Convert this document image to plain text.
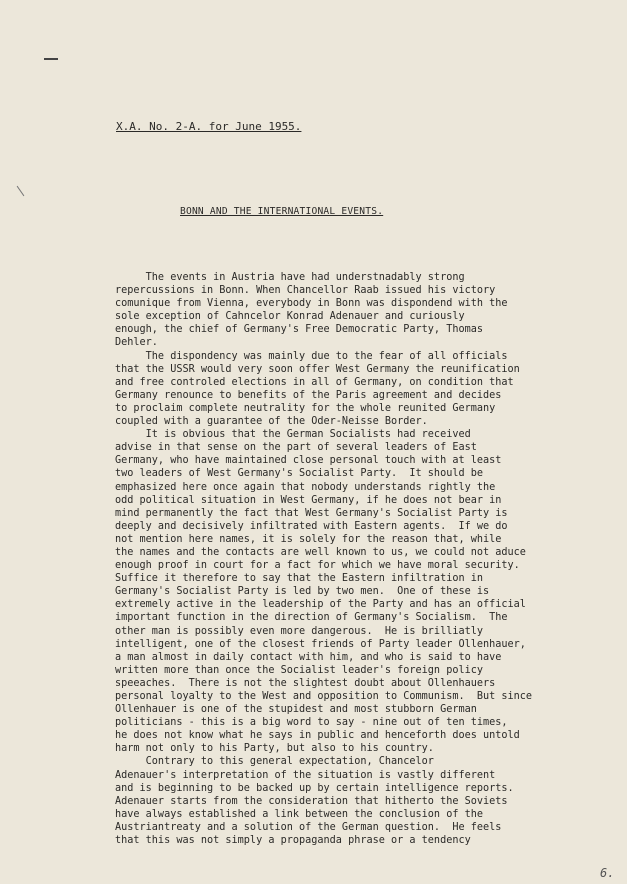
X.A. No. 2-A. for June 1955.
BONN AND THE INTERNATIONAL EVENTS.
The events in Austria have had understnadably strong
repercussions in Bonn. When Chancellor Raab issued his victory
comunique from Vienna, everybody in Bonn was dispondend with the
sole exception of Cahncelor Konrad Adenauer and curiously
enough, the chief of Germany's Free Democratic Party, Thomas
Dehler.
The dispondency was mainly due to the fear of all officials
that the USSR would very soon offer West Germany the reunification
and free controled elections in all of Germany, on condition that
Germany renounce to benefits of the Paris agreement and decides
to proclaim complete neutrality for the whole reunited Germany
coupled with a guarantee of the Oder-Neisse Border.
It is obvious that the German Socialists had received
advise in that sense on the part of several leaders of East
Germany, who have maintained close personal touch with at least
two leaders of West Germany's Socialist Party.  It should be
emphasized here once again that nobody understands rightly the
odd political situation in West Germany, if he does not bear in
mind permanently the fact that West Germany's Socialist Party is
deeply and decisively infiltrated with Eastern agents.  If we do
not mention here names, it is solely for the reason that, while
the names and the contacts are well known to us, we could not aduce
enough proof in court for a fact for which we have moral security.
Suffice it therefore to say that the Eastern infiltration in
Germany's Socialist Party is led by two men.  One of these is
extremely active in the leadership of the Party and has an official
important function in the direction of Germany's Socialism.  The
other man is possibly even more dangerous.  He is brilliatly
intelligent, one of the closest friends of Party leader Ollenhauer,
a man almost in daily contact with him, and who is said to have
written more than once the Socialist leader's foreign policy
speeaches.  There is not the slightest doubt about Ollenhauers
personal loyalty to the West and opposition to Communism.  But since
Ollenhauer is one of the stupidest and most stubborn German
politicians - this is a big word to say - nine out of ten times,
he does not know what he says in public and henceforth does untold
harm not only to his Party, but also to his country.
Contrary to this general expectation, Chancelor
Adenauer's interpretation of the situation is vastly different
and is beginning to be backed up by certain intelligence reports.
Adenauer starts from the consideration that hitherto the Soviets
have always established a link between the conclusion of the
Austriantreaty and a solution of the German question.  He feels
that this was not simply a propaganda phrase or a tendency
6.
